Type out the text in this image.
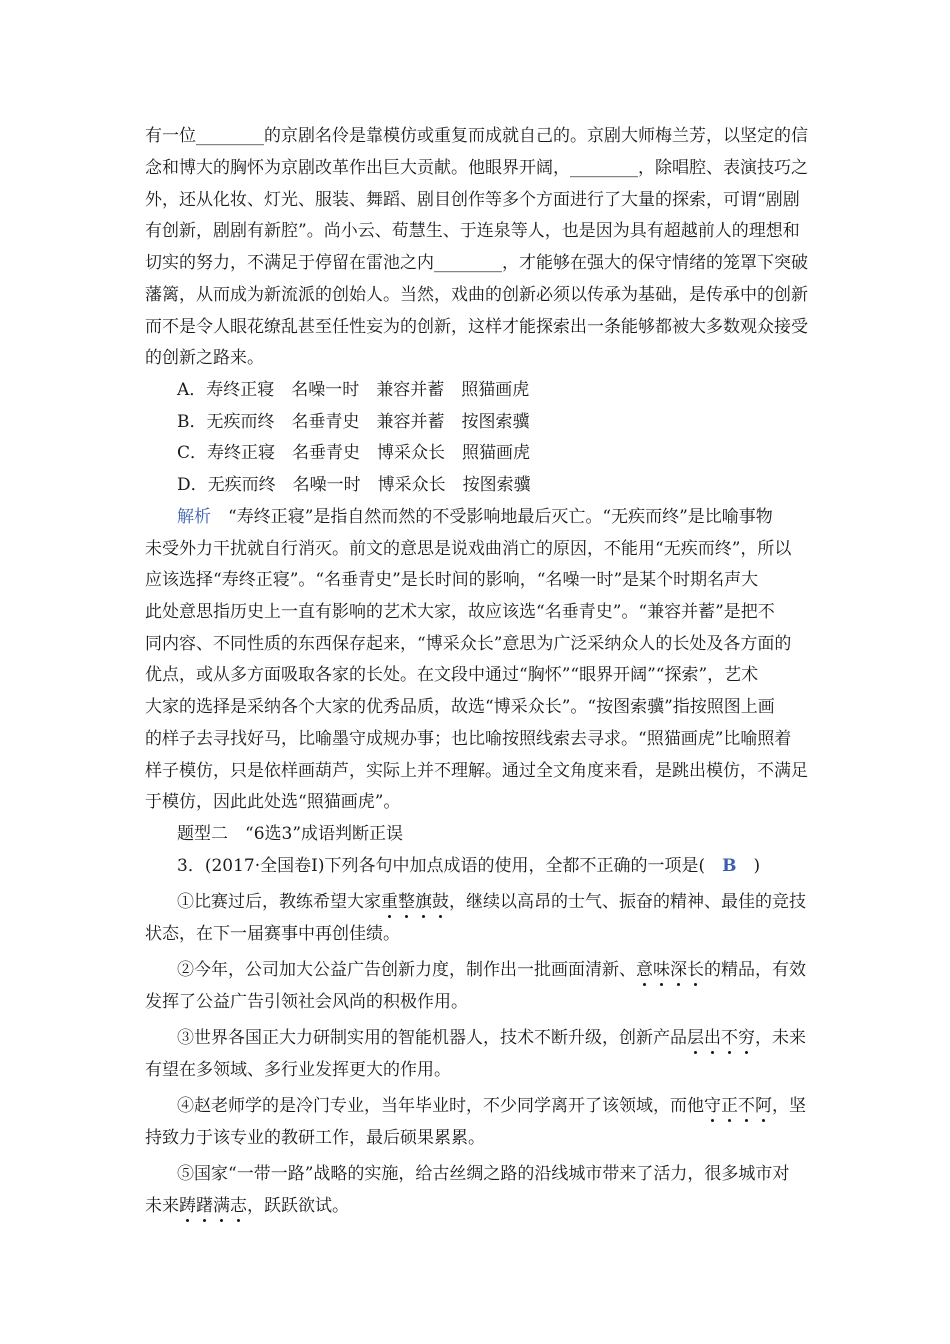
有一位________的京剧名伶是靠模仿或重复而成就自己的。京剧大师梅兰芳，以坚定的信
念和博大的胸怀为京剧改革作出巨大贡献。他眼界开阔，________，除唱腔、表演技巧之
外，还从化妆、灯光、服装、舞蹈、剧目创作等多个方面进行了大量的探索，可谓“剧剧
有创新，剧剧有新腔”。尚小云、荀慧生、于连泉等人，也是因为具有超越前人的理想和
切实的努力，不满足于停留在雷池之内________，才能够在强大的保守情绪的笼罩下突破
藩篱，从而成为新流派的创始人。当然，戏曲的创新必须以传承为基础，是传承中的创新
而不是令人眼花缭乱甚至任性妄为的创新，这样才能探索出一条能够都被大多数观众接受
的创新之路来。
A．寿终正寝　名噪一时　兼容并蓄　照猫画虎
B．无疾而终　名垂青史　兼容并蓄　按图索骥
C．寿终正寝　名垂青史　博采众长　照猫画虎
D．无疾而终　名噪一时　博采众长　按图索骥
解析　 “寿终正寝”是指自然而然的不受影响地最后灭亡。“无疾而终”是比喻事物
未受外力干扰就自行消灭。前文的意思是说戏曲消亡的原因，不能用“无疾而终”，所以
应该选择“寿终正寝”。“名垂青史”是长时间的影响，“名噪一时”是某个时期名声大
此处意思指历史上一直有影响的艺术大家，故应该选“名垂青史”。“兼容并蓄”是把不
同内容、不同性质的东西保存起来，“博采众长”意思为广泛采纳众人的长处及各方面的
优点，或从多方面吸取各家的长处。在文段中通过“胸怀”“眼界开阔”“探索”，艺术
大家的选择是采纳各个大家的优秀品质，故选“博采众长”。“按图索骥”指按照图上画
的样子去寻找好马，比喻墨守成规办事；也比喻按照线索去寻求。“照猫画虎”比喻照着
样子模仿，只是依样画葫芦，实际上并不理解。通过全文角度来看，是跳出模仿，不满足
于模仿，因此此处选“照猫画虎”。
题型二　“6选3”成语判断正误
3．(2017·全国卷Ⅰ)下列各句中加点成语的使用，全都不正确的一项是(　 B　 )
①比赛过后，教练希望大家重整旗鼓，继续以高昂的士气、振奋的精神、最佳的竞技
状态，在下一届赛事中再创佳绩。
②今年，公司加大公益广告创新力度，制作出一批画面清新、意味深长的精品，有效
发挥了公益广告引领社会风尚的积极作用。
③世界各国正大力研制实用的智能机器人，技术不断升级，创新产品层出不穷，未来
有望在多领域、多行业发挥更大的作用。
④赵老师学的是冷门专业，当年毕业时，不少同学离开了该领域，而他守正不阿，坚
持致力于该专业的教研工作，最后硕果累累。
⑤国家“一带一路”战略的实施，给古丝绸之路的沿线城市带来了活力，很多城市对
未来踌躇满志，跃跃欲试。
